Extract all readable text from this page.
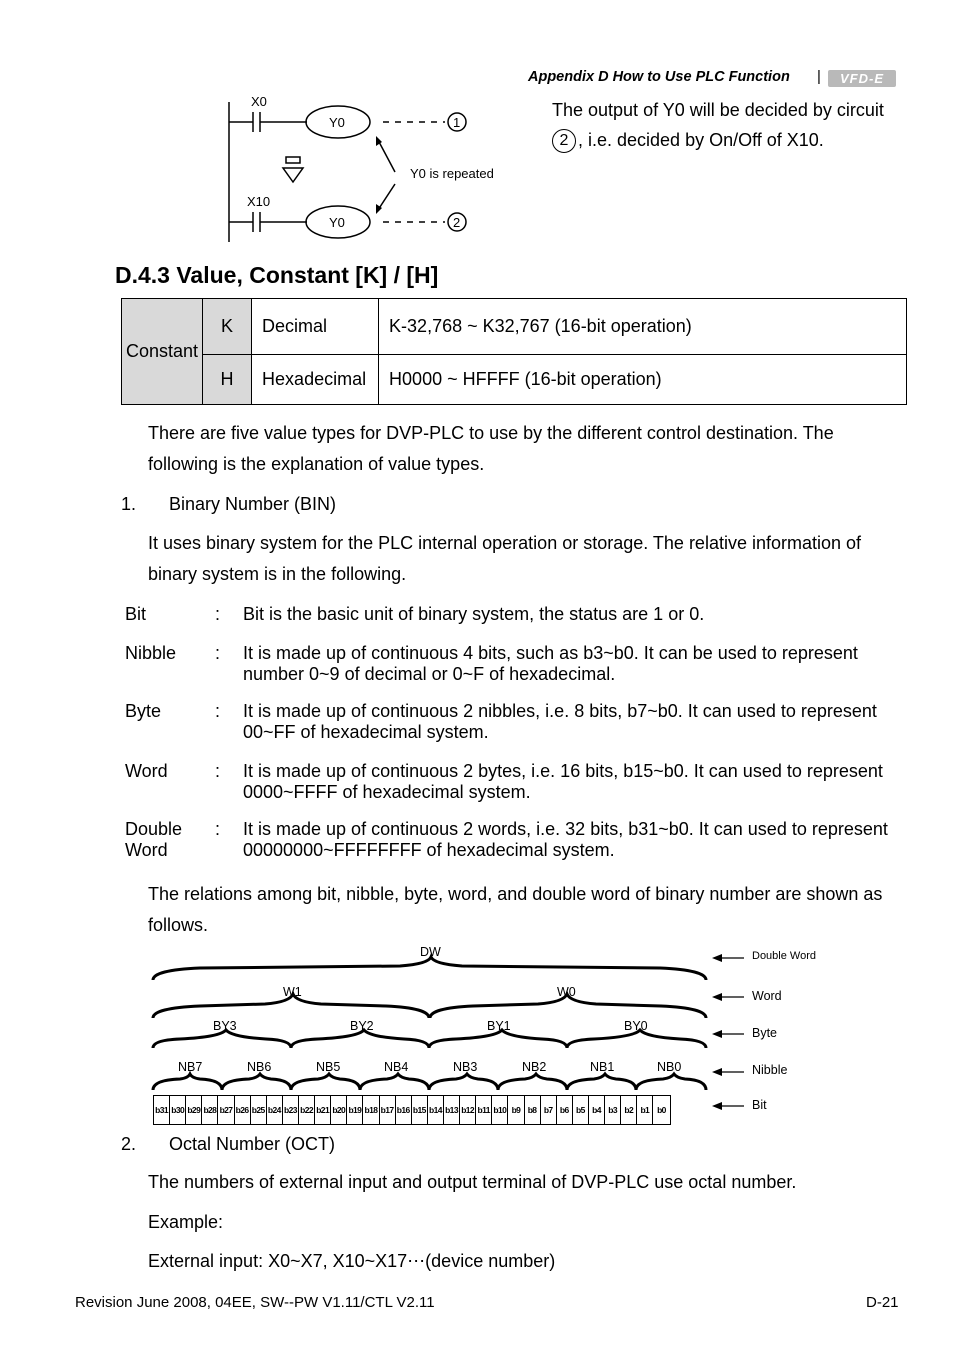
Appendix D How to Use PLC Function |	VFD-E
X0
X10
Y0
Y0
Y0 is repeated
1
2
The output of Y0 will be decided by circuit
2 , i.e. decided by On/Off of X10.
D.4.3 Value, Constant [K] / [H]
Constant	K	Decimal	K-32,768 ~ K32,767 (16-bit operation)
	H	Hexadecimal	H0000 ~ HFFFF (16-bit operation)
There are five value types for DVP-PLC to use by the different control destination. The following is the explanation of value types.
1. Binary Number (BIN)
It uses binary system for the PLC internal operation or storage. The relative information of binary system is in the following.
Bit	: Bit is the basic unit of binary system, the status are 1 or 0.
Nibble	: It is made up of continuous 4 bits, such as b3~b0. It can be used to represent number 0~9 of decimal or 0~F of hexadecimal.
Byte	: It is made up of continuous 2 nibbles, i.e. 8 bits, b7~b0. It can used to represent 00~FF of hexadecimal system.
Word	: It is made up of continuous 2 bytes, i.e. 16 bits, b15~b0. It can used to represent 0000~FFFF of hexadecimal system.
Double Word
: It is made up of continuous 2 words, i.e. 32 bits, b31~b0. It can used to represent 00000000~FFFFFFFF of hexadecimal system.
The relations among bit, nibble, byte, word, and double word of binary number are shown as follows.
DW
W1	W0
BY3	BY2	BY1	BY0
NB7	NB6	NB5	NB4	NB3	NB2	NB1	NB0
Double Word
Word
Byte
Nibble
Bit
b31 b30 b29 b28 b27 b26 b25 b24 b23 b22 b21 b20 b19 b18 b17 b16 b15 b14 b13 b12 b11 b10 b9 b8 b7 b6 b5 b4 b3 b2 b1 b0
2. Octal Number (OCT)
The numbers of external input and output terminal of DVP-PLC use octal number.
Example:
External input: X0~X7, X10~X17⋯(device number)
Revision June 2008, 04EE, SW--PW V1.11/CTL V2.11	D-21
